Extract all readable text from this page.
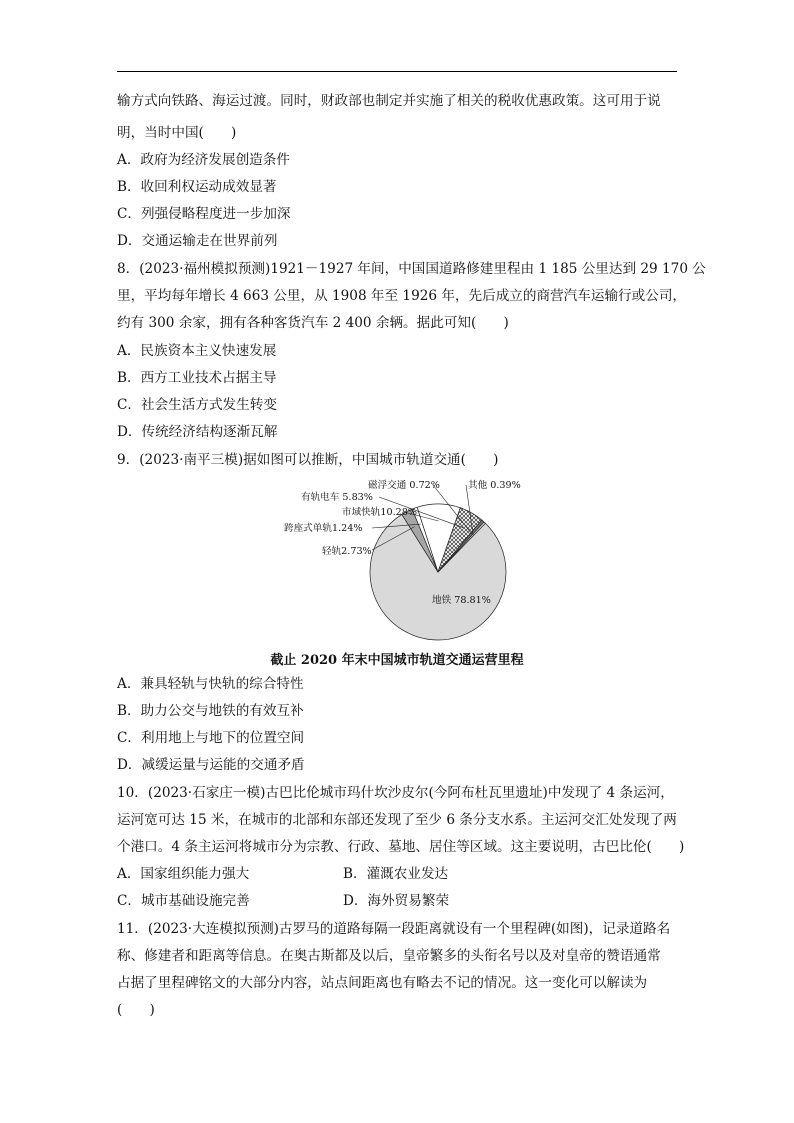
输方式向铁路、海运过渡。同时，财政部也制定并实施了相关的税收优惠政策。这可用于说
明，当时中国(　　)
A．政府为经济发展创造条件
B．收回利权运动成效显著
C．列强侵略程度进一步加深
D．交通运输走在世界前列
8．(2023·福州模拟预测)1921－1927 年间，中国国道路修建里程由 1 185 公里达到 29 170 公
里，平均每年增长 4 663 公里，从 1908 年至 1926 年，先后成立的商营汽车运输行或公司，
约有 300 余家，拥有各种客货汽车 2 400 余辆。据此可知(　　)
A．民族资本主义快速发展
B．西方工业技术占据主导
C．社会生活方式发生转变
D．传统经济结构逐渐瓦解
9．(2023·南平三模)据如图可以推断，中国城市轨道交通(　　)
地铁 78.81%
轻轨2.73%
跨座式单轨1.24%
市域快轨10.28%
有轨电车 5.83%
磁浮交通 0.72%	其他 0.39%
截止 2020 年末中国城市轨道交通运营里程
A．兼具轻轨与快轨的综合特性
B．助力公交与地铁的有效互补
C．利用地上与地下的位置空间
D．减缓运量与运能的交通矛盾
10．(2023·石家庄一模)古巴比伦城市玛什坎沙皮尔(今阿布杜瓦里遗址)中发现了 4 条运河，
运河宽可达 15 米，在城市的北部和东部还发现了至少 6 条分支水系。主运河交汇处发现了两
个港口。4 条主运河将城市分为宗教、行政、墓地、居住等区域。这主要说明，古巴比伦(　　)
A．国家组织能力强大	B．灌溉农业发达
C．城市基础设施完善	D．海外贸易繁荣
11．(2023·大连模拟预测)古罗马的道路每隔一段距离就设有一个里程碑(如图)，记录道路名
称、修建者和距离等信息。在奥古斯都及以后，皇帝繁多的头衔名号以及对皇帝的赞语通常
占据了里程碑铭文的大部分内容，站点间距离也有略去不记的情况。这一变化可以解读为
(　　)
